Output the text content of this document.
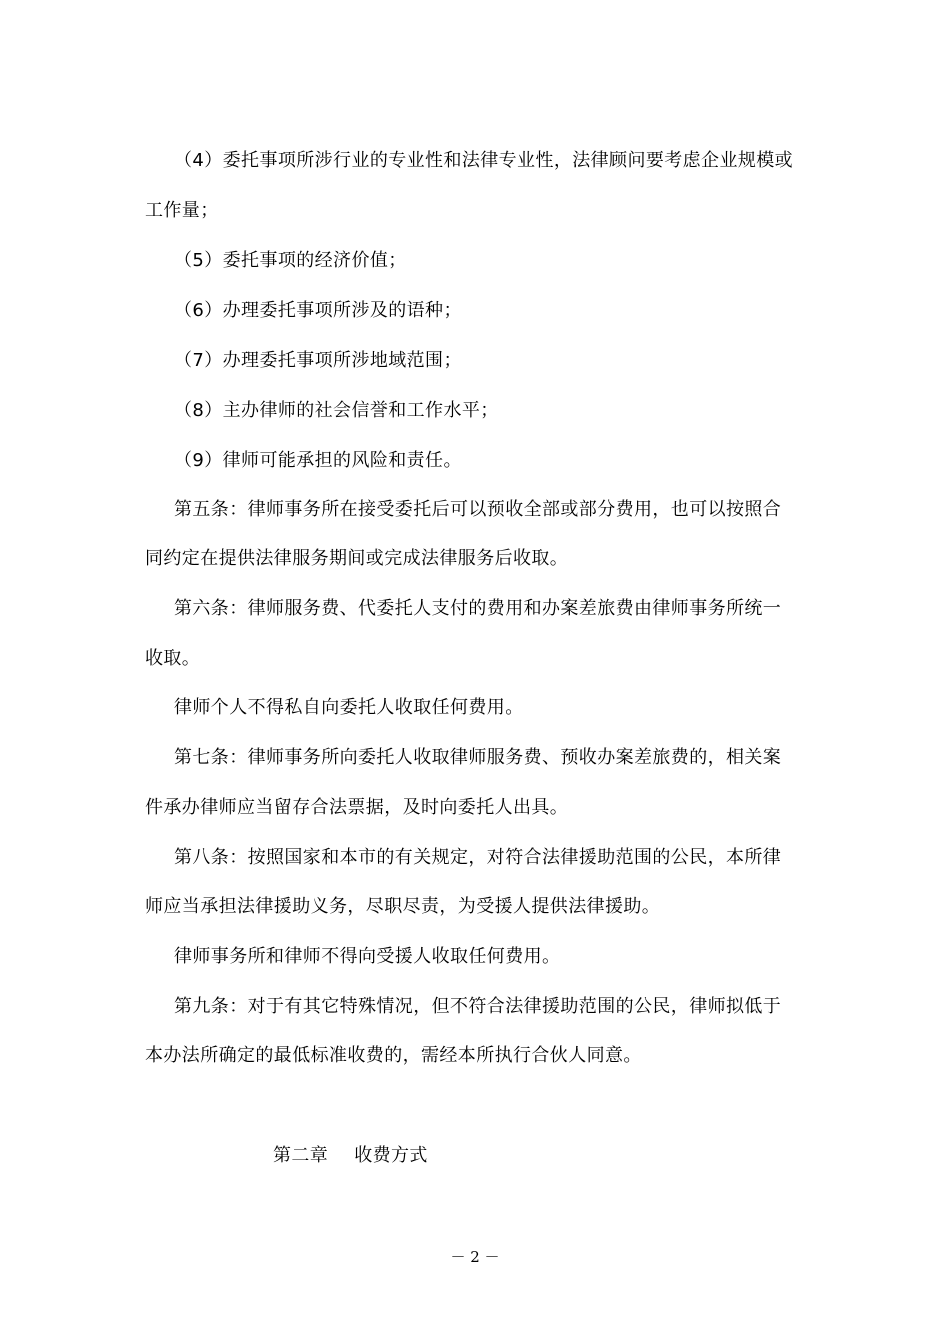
（4）委托事项所涉行业的专业性和法律专业性，法律顾问要考虑企业规模或
工作量；
（5）委托事项的经济价值；
（6）办理委托事项所涉及的语种；
（7）办理委托事项所涉地域范围；
（8）主办律师的社会信誉和工作水平；
（9）律师可能承担的风险和责任。
第五条：律师事务所在接受委托后可以预收全部或部分费用，也可以按照合
同约定在提供法律服务期间或完成法律服务后收取。
第六条：律师服务费、代委托人支付的费用和办案差旅费由律师事务所统一
收取。
律师个人不得私自向委托人收取任何费用。
第七条：律师事务所向委托人收取律师服务费、预收办案差旅费的，相关案
件承办律师应当留存合法票据，及时向委托人出具。
第八条：按照国家和本市的有关规定，对符合法律援助范围的公民，本所律
师应当承担法律援助义务，尽职尽责，为受援人提供法律援助。
律师事务所和律师不得向受援人收取任何费用。
第九条：对于有其它特殊情况，但不符合法律援助范围的公民，律师拟低于
本办法所确定的最低标准收费的，需经本所执行合伙人同意。
第二章 收费方式
－ 2 －
